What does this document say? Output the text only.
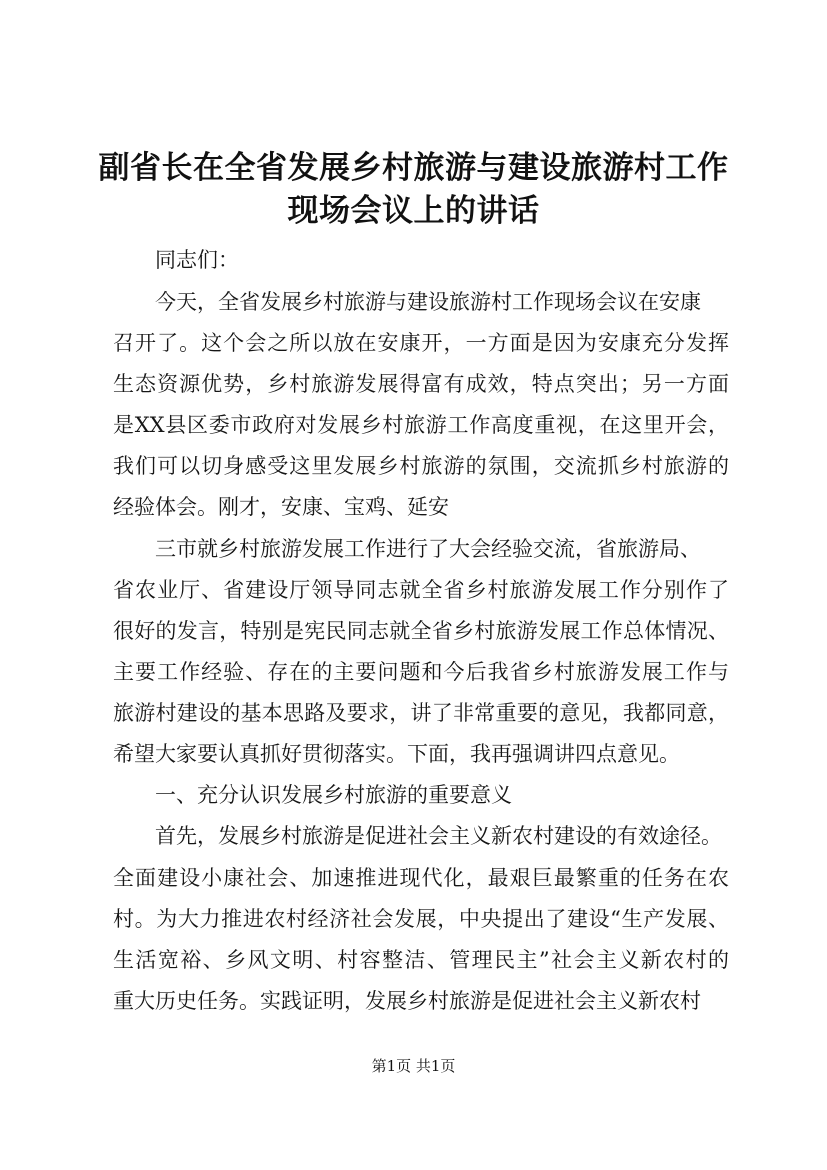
副省长在全省发展乡村旅游与建设旅游村工作
现场会议上的讲话
同志们：
今天，全省发展乡村旅游与建设旅游村工作现场会议在安康
召开了。这个会之所以放在安康开，一方面是因为安康充分发挥
生态资源优势，乡村旅游发展得富有成效，特点突出；另一方面
是XX县区委市政府对发展乡村旅游工作高度重视，在这里开会，
我们可以切身感受这里发展乡村旅游的氛围，交流抓乡村旅游的
经验体会。刚才，安康、宝鸡、延安
三市就乡村旅游发展工作进行了大会经验交流，省旅游局、
省农业厅、省建设厅领导同志就全省乡村旅游发展工作分别作了
很好的发言，特别是宪民同志就全省乡村旅游发展工作总体情况、
主要工作经验、存在的主要问题和今后我省乡村旅游发展工作与
旅游村建设的基本思路及要求，讲了非常重要的意见，我都同意，
希望大家要认真抓好贯彻落实。下面，我再强调讲四点意见。
一、充分认识发展乡村旅游的重要意义
首先，发展乡村旅游是促进社会主义新农村建设的有效途径。
全面建设小康社会、加速推进现代化，最艰巨最繁重的任务在农
村。为大力推进农村经济社会发展，中央提出了建设“生产发展、
生活宽裕、乡风文明、村容整洁、管理民主”社会主义新农村的
重大历史任务。实践证明，发展乡村旅游是促进社会主义新农村
第1页 共1页
